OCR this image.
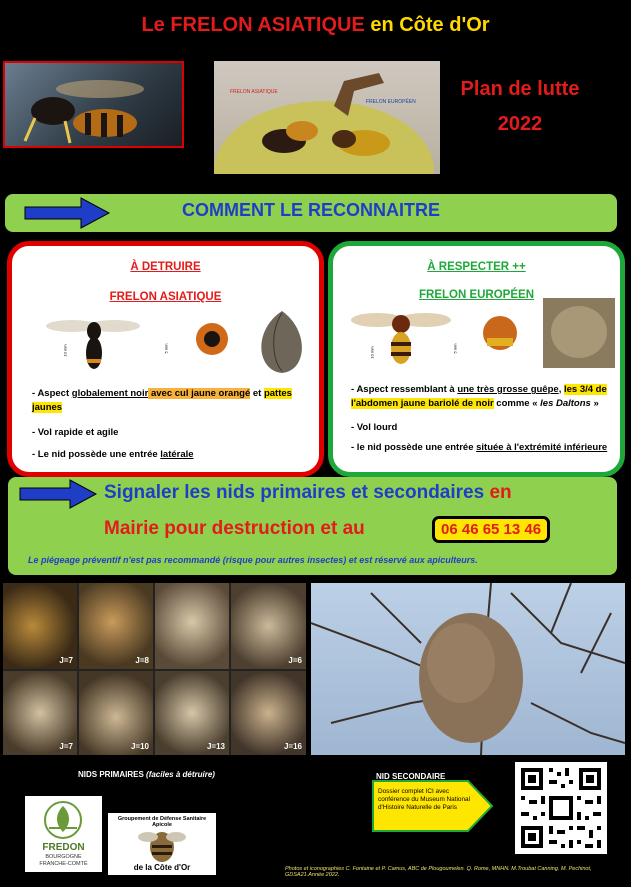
Le FRELON ASIATIQUE en Côte d'Or
FRELON ASIATIQUE
FRELON EUROPÉEN
Plan de lutte
2022
COMMENT LE RECONNAITRE
À DETRUIRE
FRELON ASIATIQUE
10 mm	5 mm
- Aspect globalement noir avec cul jaune orangé et pattes jaunes
- Vol rapide et agile
- Le nid possède une entrée latérale
À RESPECTER ++
FRELON EUROPÉEN
10 mm	5 mm
- Aspect ressemblant à une très grosse guêpe, les 3/4 de l'abdomen jaune bariolé de noir comme « les Daltons »
- Vol lourd
- le nid possède une entrée située à l'extrémité inférieure
Signaler les nids primaires et secondaires en
Mairie pour destruction et au	06 46 65 13 46
Le piégeage préventif n'est pas recommandé (risque pour autres insectes) et est réservé aux apiculteurs.
J=7	J=8	J=6
J=7	J=10	J=13	J=16
NIDS PRIMAIRES (faciles à détruire)	NID SECONDAIRE
Dossier complet ICI avec conférence du Museum National d'Histoire Naturelle de Paris
FREDON
BOURGOGNE
FRANCHE-COMTÉ
Groupement de Défense Sanitaire Apicole
de la Côte d'Or	Photos et iconographies C. Fontaine et P. Camus, ABC de Plougoumelen. Q. Rome, MNHN. M.Troubat Canning. M. Pechinot, GDSA21.Année 2022.
